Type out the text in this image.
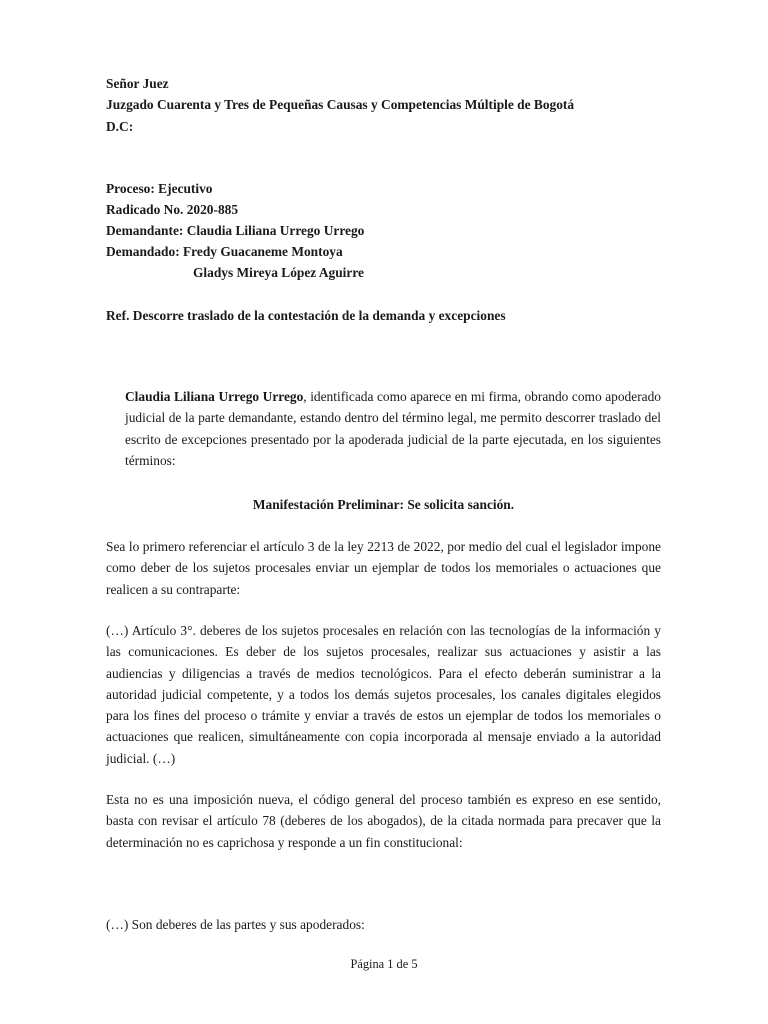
Señor Juez
Juzgado Cuarenta y Tres de Pequeñas Causas y Competencias Múltiple de Bogotá
D.C:
Proceso: Ejecutivo
Radicado No. 2020-885
Demandante: Claudia Liliana Urrego Urrego
Demandado: Fredy Guacaneme Montoya
Gladys Mireya López Aguirre
Ref. Descorre traslado de la contestación de la demanda y excepciones
Claudia Liliana Urrego Urrego, identificada como aparece en mi firma, obrando como apoderado judicial de la parte demandante, estando dentro del término legal, me permito descorrer traslado del escrito de excepciones presentado por la apoderada judicial de la parte ejecutada, en los siguientes términos:
Manifestación Preliminar: Se solicita sanción.
Sea lo primero referenciar el artículo 3 de la ley 2213 de 2022, por medio del cual el legislador impone como deber de los sujetos procesales enviar un ejemplar de todos los memoriales o actuaciones que realicen a su contraparte:
(…) Artículo 3°. deberes de los sujetos procesales en relación con las tecnologías de la información y las comunicaciones. Es deber de los sujetos procesales, realizar sus actuaciones y asistir a las audiencias y diligencias a través de medios tecnológicos. Para el efecto deberán suministrar a la autoridad judicial competente, y a todos los demás sujetos procesales, los canales digitales elegidos para los fines del proceso o trámite y enviar a través de estos un ejemplar de todos los memoriales o actuaciones que realicen, simultáneamente con copia incorporada al mensaje enviado a la autoridad judicial. (…)
Esta no es una imposición nueva, el código general del proceso también es expreso en ese sentido, basta con revisar el artículo 78 (deberes de los abogados), de la citada normada para precaver que la determinación no es caprichosa y responde a un fin constitucional:
(…) Son deberes de las partes y sus apoderados:
Página 1 de 5
